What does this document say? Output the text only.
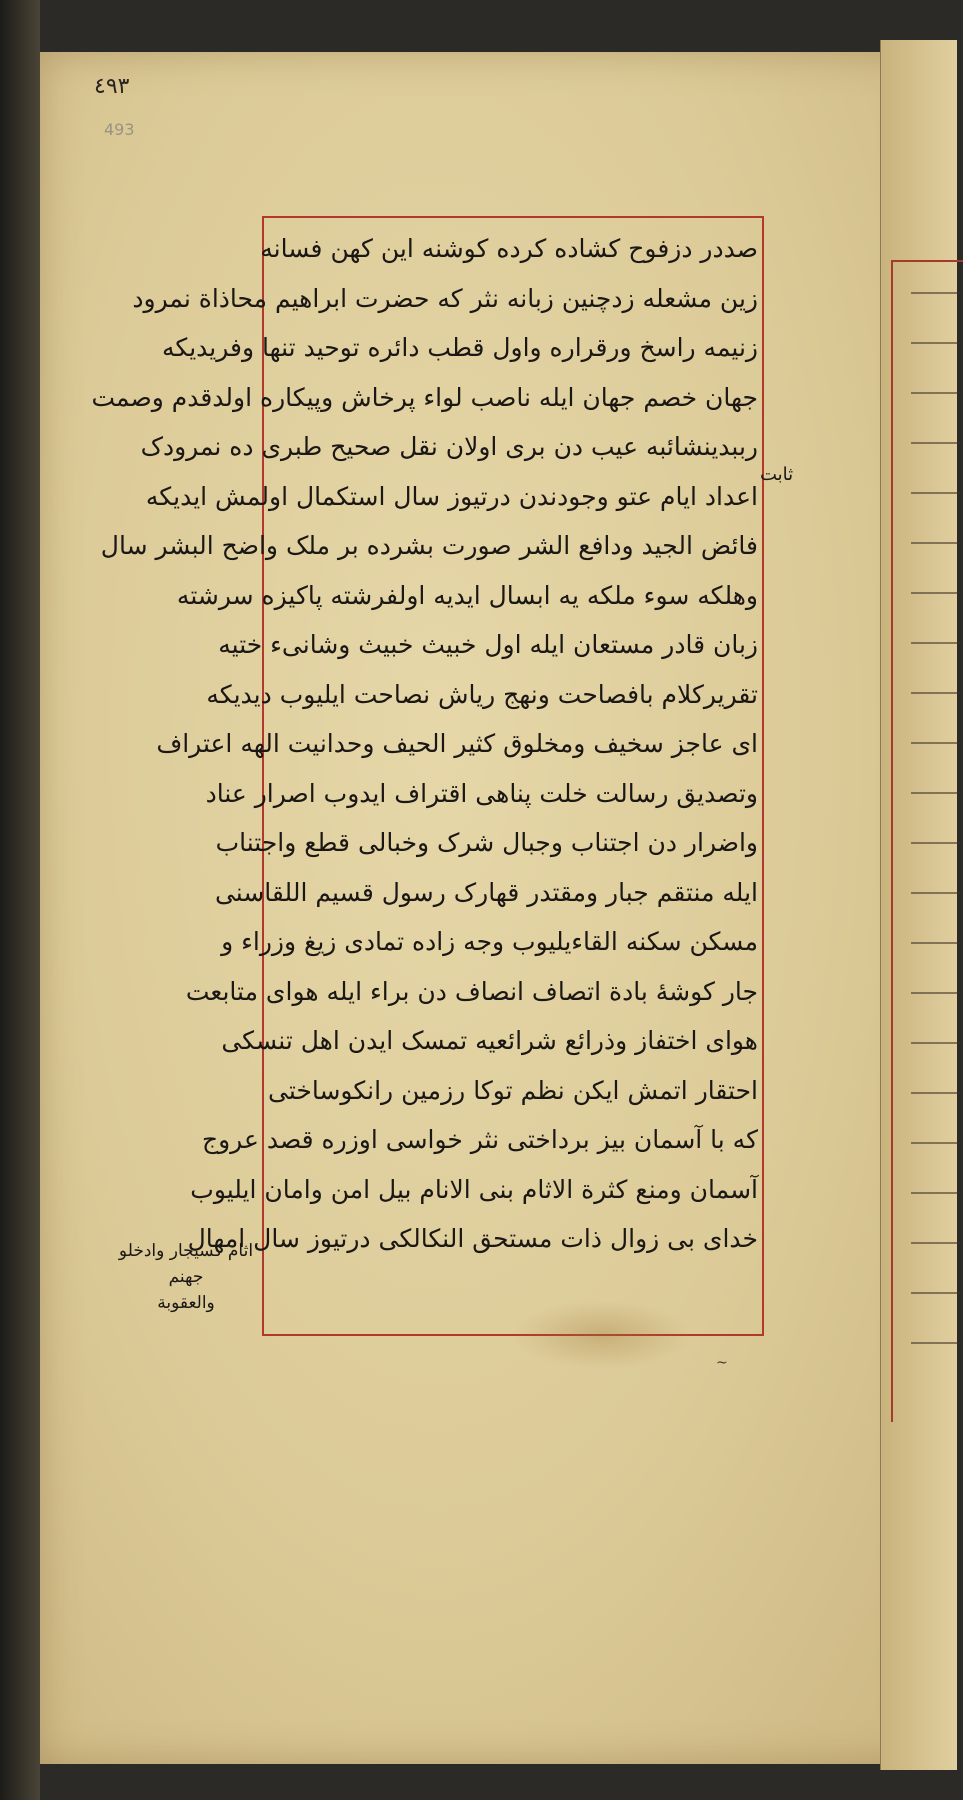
٤٩٣
493
صددر دزفوح کشاده کرده کوشنه این کهن فسانه
زین مشعله زدچنین زبانه نثر که حضرت ابراهیم محاذاة نمرود
زنیمه راسخ ورقراره واول قطب دائره توحید تنها وفریدیکه
جهان خصم جهان ایله ناصب لواء پرخاش وپیکاره اولدقدم وصمت
رببدینشائبه عیب دن بری اولان نقل صحیح طبری ده نمرودک
اعداد ایام عتو وجودندن درتیوز سال استکمال اولمش ایدیکه
فائض الجید ودافع الشر صورت بشرده بر ملک واضح البشر سال
وهلکه سوء ملکه یه ابسال ایدیه اولفرشته پاکیزه سرشته
زبان قادر مستعان ایله اول خبیث خبیث وشانیء ختیه
تقریرکلام بافصاحت ونهج ریاش نصاحت ایلیوب دیدیکه
ای عاجز سخیف ومخلوق کثیر الحیف وحدانیت الهه اعتراف
وتصدیق رسالت خلت پناهی اقتراف ایدوب اصرار عناد
واضرار دن اجتناب وجبال شرک وخبالی قطع واجتناب
ایله منتقم جبار ومقتدر قهارک رسول قسیم اللقاسنی
مسکن سکنه القاءیلیوب وجه زاده تمادی زیغ وزراء و
جار کوشهٔ بادة اتصاف انصاف دن براء ایله هوای متابعت
هوای اختفاز وذرائع شرائعیه تمسک ایدن اهل تنسکی
احتقار اتمش ایکن نظم توکا رزمین رانکوساختی
که با آسمان بیز برداختی نثر خواسی اوزره قصد عروج
آسمان ومنع کثرة الاثام بنی الانام بیل امن وامان ایلیوب
خدای بی زوال ذات مستحق النکالکی درتیوز سال امهال
~
ثابت
اثام کسیجار وادخلو جهنم
والعقوبة
